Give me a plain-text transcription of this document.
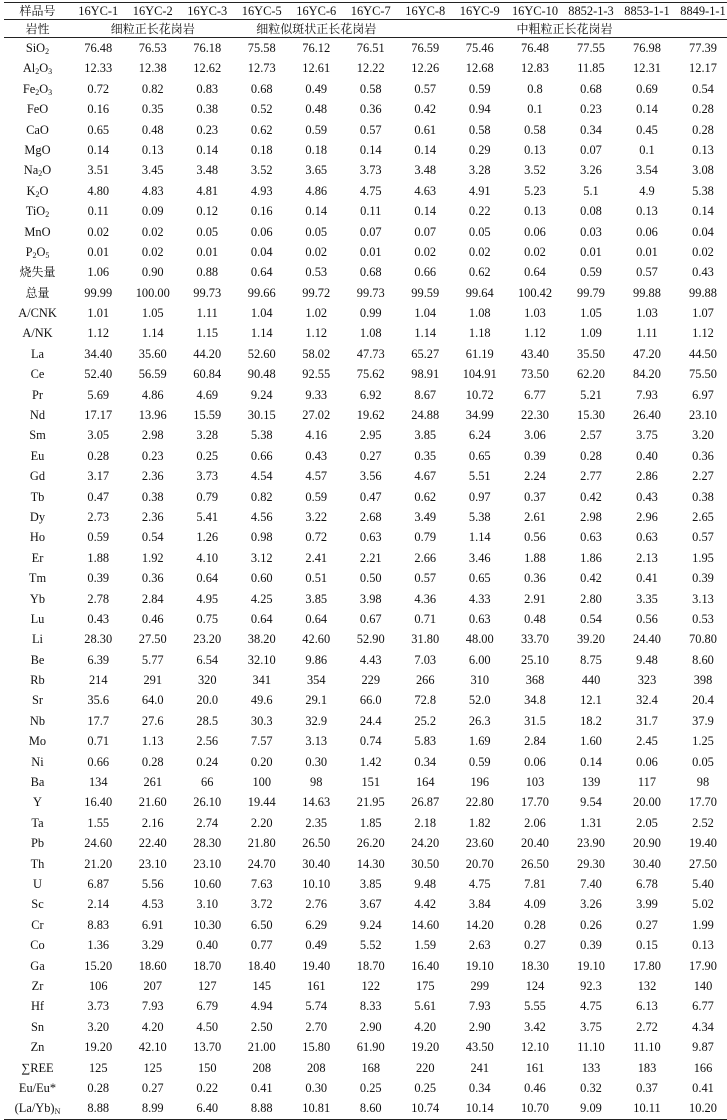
样品号	16YC-1	16YC-2	16YC-3	16YC-5	16YC-6	16YC-7	16YC-8	16YC-9	16YC-10	8852-1-3	8853-1-1	8849-1-1
岩性	细粒正长花岗岩			细粒似斑状正长花岗岩			中粗粒正长花岗岩					
SiO$_2$	76.48	76.53	76.18	75.58	76.12	76.51	76.59	75.46	76.48	77.55	76.98	77.39
$Al_2O_3$	12.33	12.38	12.62	12.73	12.61	12.22	12.26	12.68	12.83	11.85	12.31	12.17
$Fe_2O_3$	0.72	0.82	0.83	0.68	0.49	0.58	0.57	0.59	0.8	0.68	0.69	0.54
FeO	0.16	0.35	0.38	0.52	0.48	0.36	0.42	0.94	0.1	0.23	0.14	0.28
CaO	0.65	0.48	0.23	0.62	0.59	0.57	0.61	0.58	0.58	0.34	0.45	0.28
MgO	0.14	0.13	0.14	0.18	0.18	0.14	0.14	0.29	0.13	0.07	0.1	0.13
$Na_2O$	3.51	3.45	3.48	3.52	3.65	3.73	3.48	3.28	3.52	3.26	3.54	3.08
$K_2O$	4.80	4.83	4.81	4.93	4.86	4.75	4.63	4.91	5.23	5.1	4.9	5.38
TiO$_2$	0.11	0.09	0.12	0.16	0.14	0.11	0.14	0.22	0.13	0.08	0.13	0.14
MnO	0.02	0.02	0.05	0.06	0.05	0.07	0.07	0.05	0.06	0.03	0.06	0.04
$P_2O_5$	0.01	0.02	0.01	0.04	0.02	0.01	0.02	0.02	0.02	0.01	0.01	0.02
烧失量	1.06	0.90	0.88	0.64	0.53	0.68	0.66	0.62	0.64	0.59	0.57	0.43
总量	99.99	100.00	99.73	99.66	99.72	99.73	99.59	99.64	100.42	99.79	99.88	99.88
A/CNK	1.01	1.05	1.11	1.04	1.02	0.99	1.04	1.08	1.03	1.05	1.03	1.07
A/NK	1.12	1.14	1.15	1.14	1.12	1.08	1.14	1.18	1.12	1.09	1.11	1.12
La	34.40	35.60	44.20	52.60	58.02	47.73	65.27	61.19	43.40	35.50	47.20	44.50
Ce	52.40	56.59	60.84	90.48	92.55	75.62	98.91	104.91	73.50	62.20	84.20	75.50
Pr	5.69	4.86	4.69	9.24	9.33	6.92	8.67	10.72	6.77	5.21	7.93	6.97
Nd	17.17	13.96	15.59	30.15	27.02	19.62	24.88	34.99	22.30	15.30	26.40	23.10
Sm	3.05	2.98	3.28	5.38	4.16	2.95	3.85	6.24	3.06	2.57	3.75	3.20
Eu	0.28	0.23	0.25	0.66	0.43	0.27	0.35	0.65	0.39	0.28	0.40	0.36
Gd	3.17	2.36	3.73	4.54	4.57	3.56	4.67	5.51	2.24	2.77	2.86	2.27
Tb	0.47	0.38	0.79	0.82	0.59	0.47	0.62	0.97	0.37	0.42	0.43	0.38
Dy	2.73	2.36	5.41	4.56	3.22	2.68	3.49	5.38	2.61	2.98	2.96	2.65
Ho	0.59	0.54	1.26	0.98	0.72	0.63	0.79	1.14	0.56	0.63	0.63	0.57
Er	1.88	1.92	4.10	3.12	2.41	2.21	2.66	3.46	1.88	1.86	2.13	1.95
Tm	0.39	0.36	0.64	0.60	0.51	0.50	0.57	0.65	0.36	0.42	0.41	0.39
Yb	2.78	2.84	4.95	4.25	3.85	3.98	4.36	4.33	2.91	2.80	3.35	3.13
Lu	0.43	0.46	0.75	0.64	0.64	0.67	0.71	0.63	0.48	0.54	0.56	0.53
Li	28.30	27.50	23.20	38.20	42.60	52.90	31.80	48.00	33.70	39.20	24.40	70.80
Be	6.39	5.77	6.54	32.10	9.86	4.43	7.03	6.00	25.10	8.75	9.48	8.60
Rb	214	291	320	341	354	229	266	310	368	440	323	398
Sr	35.6	64.0	20.0	49.6	29.1	66.0	72.8	52.0	34.8	12.1	32.4	20.4
Nb	17.7	27.6	28.5	30.3	32.9	24.4	25.2	26.3	31.5	18.2	31.7	37.9
Mo	0.71	1.13	2.56	7.57	3.13	0.74	5.83	1.69	2.84	1.60	2.45	1.25
Ni	0.66	0.28	0.24	0.20	0.30	1.42	0.34	0.59	0.06	0.14	0.06	0.05
Ba	134	261	66	100	98	151	164	196	103	139	117	98
Y	16.40	21.60	26.10	19.44	14.63	21.95	26.87	22.80	17.70	9.54	20.00	17.70
Ta	1.55	2.16	2.74	2.20	2.35	1.85	2.18	1.82	2.06	1.31	2.05	2.52
Pb	24.60	22.40	28.30	21.80	26.50	26.20	24.20	23.60	20.40	23.90	20.90	19.40
Th	21.20	23.10	23.10	24.70	30.40	14.30	30.50	20.70	26.50	29.30	30.40	27.50
U	6.87	5.56	10.60	7.63	10.10	3.85	9.48	4.75	7.81	7.40	6.78	5.40
Sc	2.14	4.53	3.10	3.72	2.76	3.67	4.42	3.84	4.09	3.26	3.99	5.02
Cr	8.83	6.91	10.30	6.50	6.29	9.24	14.60	14.20	0.28	0.26	0.27	1.99
Co	1.36	3.29	0.40	0.77	0.49	5.52	1.59	2.63	0.27	0.39	0.15	0.13
Ga	15.20	18.60	18.70	18.40	19.40	18.70	16.40	19.10	18.30	19.10	17.80	17.90
Zr	106	207	127	145	161	122	175	299	124	92.3	132	140
Hf	3.73	7.93	6.79	4.94	5.74	8.33	5.61	7.93	5.55	4.75	6.13	6.77
Sn	3.20	4.20	4.50	2.50	2.70	2.90	4.20	2.90	3.42	3.75	2.72	4.34
Zn	19.20	42.10	13.70	21.00	15.80	61.90	19.20	43.50	12.10	11.10	11.10	9.87
∑REE	125	125	150	208	208	168	220	241	161	133	183	166
Eu/Eu*	0.28	0.27	0.22	0.41	0.30	0.25	0.25	0.34	0.46	0.32	0.37	0.41
$(La/Yb)_N$	8.88	8.99	6.40	8.88	10.81	8.60	10.74	10.14	10.70	9.09	10.11	10.20
